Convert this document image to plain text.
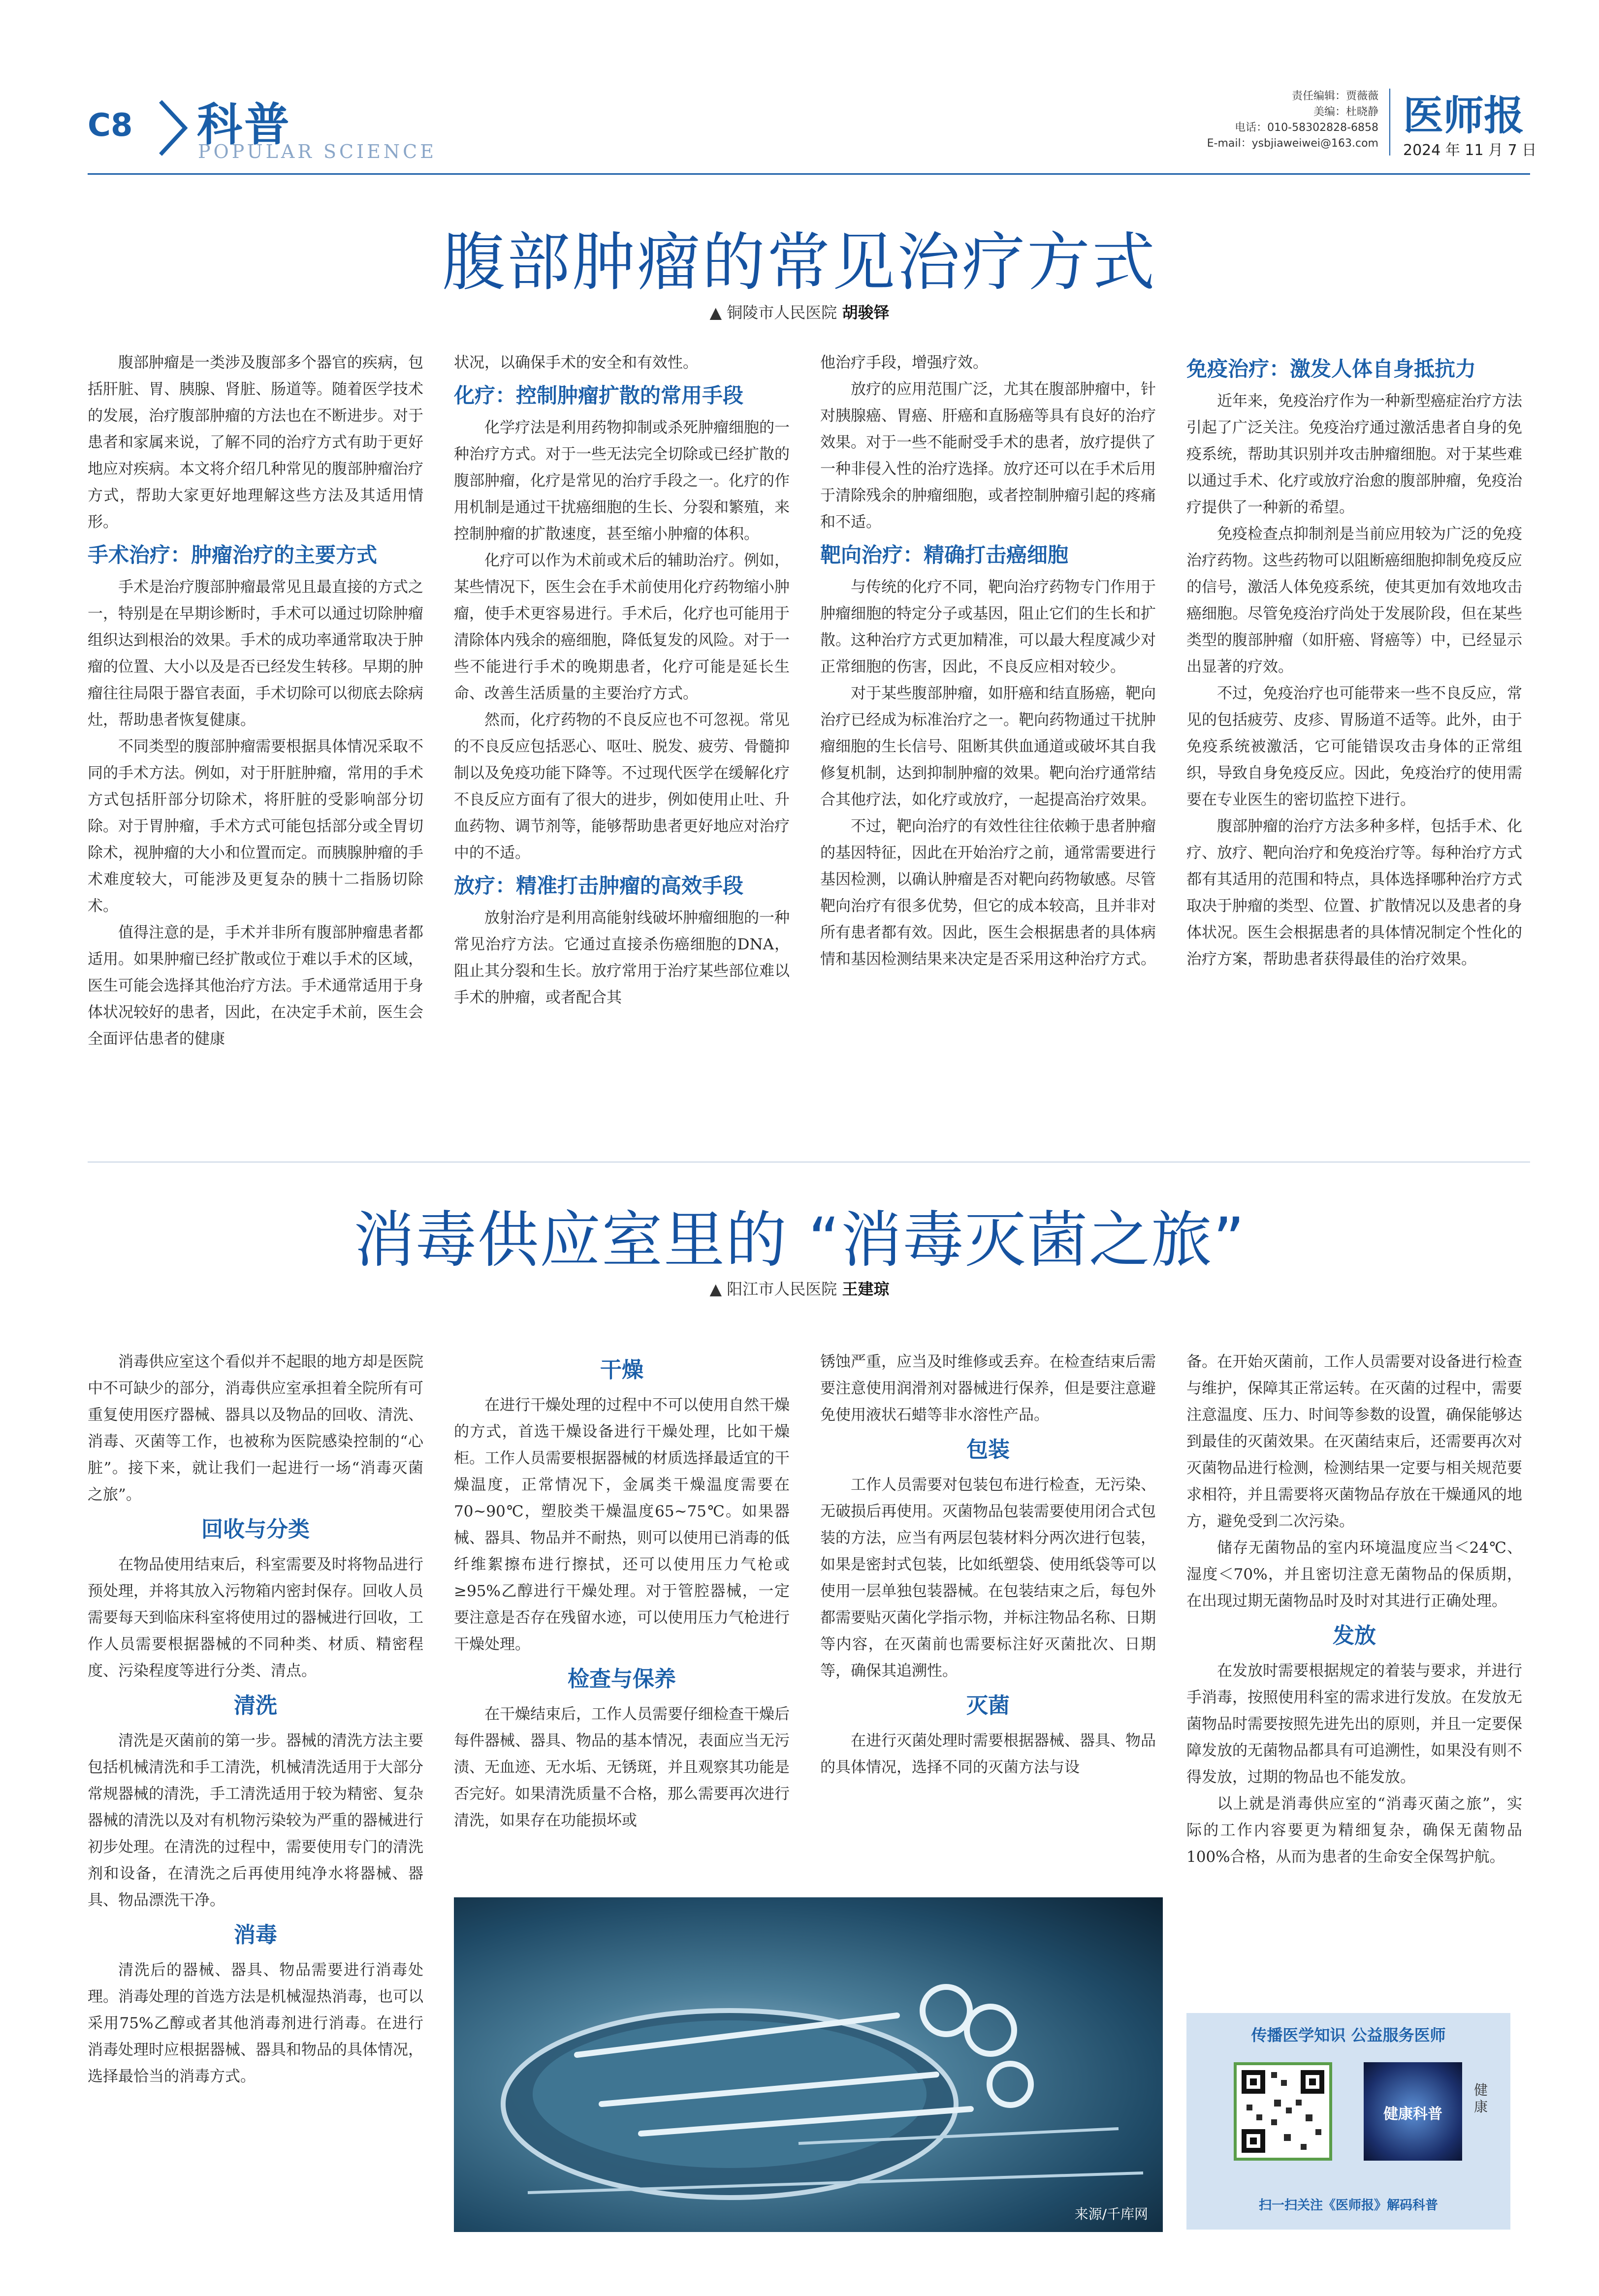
C8 科普
POPULAR SCIENCE
责任编辑：贾薇薇
美编：杜晓静
电话：010-58302828-6858
E-mail：ysbjiaweiwei@163.com
医师报
2024 年 11 月 7 日
腹部肿瘤的常见治疗方式
▲ 铜陵市人民医院 胡骏铎
腹部肿瘤是一类涉及腹部多个器官的疾病，包括肝脏、胃、胰腺、肾脏、肠道等。随着医学技术的发展，治疗腹部肿瘤的方法也在不断进步。对于患者和家属来说，了解不同的治疗方式有助于更好地应对疾病。本文将介绍几种常见的腹部肿瘤治疗方式，帮助大家更好地理解这些方法及其适用情形。
手术治疗：肿瘤治疗的主要方式
手术是治疗腹部肿瘤最常见且最直接的方式之一，特别是在早期诊断时，手术可以通过切除肿瘤组织达到根治的效果。手术的成功率通常取决于肿瘤的位置、大小以及是否已经发生转移。早期的肿瘤往往局限于器官表面，手术切除可以彻底去除病灶，帮助患者恢复健康。
不同类型的腹部肿瘤需要根据具体情况采取不同的手术方法。例如，对于肝脏肿瘤，常用的手术方式包括肝部分切除术，将肝脏的受影响部分切除。对于胃肿瘤，手术方式可能包括部分或全胃切除术，视肿瘤的大小和位置而定。而胰腺肿瘤的手术难度较大，可能涉及更复杂的胰十二指肠切除术。
值得注意的是，手术并非所有腹部肿瘤患者都适用。如果肿瘤已经扩散或位于难以手术的区域，医生可能会选择其他治疗方法。手术通常适用于身体状况较好的患者，因此，在决定手术前，医生会全面评估患者的健康
状况，以确保手术的安全和有效性。
化疗：控制肿瘤扩散的常用手段
化学疗法是利用药物抑制或杀死肿瘤细胞的一种治疗方式。对于一些无法完全切除或已经扩散的腹部肿瘤，化疗是常见的治疗手段之一。化疗的作用机制是通过干扰癌细胞的生长、分裂和繁殖，来控制肿瘤的扩散速度，甚至缩小肿瘤的体积。
化疗可以作为术前或术后的辅助治疗。例如，某些情况下，医生会在手术前使用化疗药物缩小肿瘤，使手术更容易进行。手术后，化疗也可能用于清除体内残余的癌细胞，降低复发的风险。对于一些不能进行手术的晚期患者，化疗可能是延长生命、改善生活质量的主要治疗方式。
然而，化疗药物的不良反应也不可忽视。常见的不良反应包括恶心、呕吐、脱发、疲劳、骨髓抑制以及免疫功能下降等。不过现代医学在缓解化疗不良反应方面有了很大的进步，例如使用止吐、升血药物、调节剂等，能够帮助患者更好地应对治疗中的不适。
放疗：精准打击肿瘤的高效手段
放射治疗是利用高能射线破坏肿瘤细胞的一种常见治疗方法。它通过直接杀伤癌细胞的DNA，阻止其分裂和生长。放疗常用于治疗某些部位难以手术的肿瘤，或者配合其
他治疗手段，增强疗效。
放疗的应用范围广泛，尤其在腹部肿瘤中，针对胰腺癌、胃癌、肝癌和直肠癌等具有良好的治疗效果。对于一些不能耐受手术的患者，放疗提供了一种非侵入性的治疗选择。放疗还可以在手术后用于清除残余的肿瘤细胞，或者控制肿瘤引起的疼痛和不适。
靶向治疗：精确打击癌细胞
与传统的化疗不同，靶向治疗药物专门作用于肿瘤细胞的特定分子或基因，阻止它们的生长和扩散。这种治疗方式更加精准，可以最大程度减少对正常细胞的伤害，因此，不良反应相对较少。
对于某些腹部肿瘤，如肝癌和结直肠癌，靶向治疗已经成为标准治疗之一。靶向药物通过干扰肿瘤细胞的生长信号、阻断其供血通道或破坏其自我修复机制，达到抑制肿瘤的效果。靶向治疗通常结合其他疗法，如化疗或放疗，一起提高治疗效果。
不过，靶向治疗的有效性往往依赖于患者肿瘤的基因特征，因此在开始治疗之前，通常需要进行基因检测，以确认肿瘤是否对靶向药物敏感。尽管靶向治疗有很多优势，但它的成本较高，且并非对所有患者都有效。因此，医生会根据患者的具体病情和基因检测结果来决定是否采用这种治疗方式。
免疫治疗：激发人体自身抵抗力
近年来，免疫治疗作为一种新型癌症治疗方法引起了广泛关注。免疫治疗通过激活患者自身的免疫系统，帮助其识别并攻击肿瘤细胞。对于某些难以通过手术、化疗或放疗治愈的腹部肿瘤，免疫治疗提供了一种新的希望。
免疫检查点抑制剂是当前应用较为广泛的免疫治疗药物。这些药物可以阻断癌细胞抑制免疫反应的信号，激活人体免疫系统，使其更加有效地攻击癌细胞。尽管免疫治疗尚处于发展阶段，但在某些类型的腹部肿瘤（如肝癌、肾癌等）中，已经显示出显著的疗效。
不过，免疫治疗也可能带来一些不良反应，常见的包括疲劳、皮疹、胃肠道不适等。此外，由于免疫系统被激活，它可能错误攻击身体的正常组织，导致自身免疫反应。因此，免疫治疗的使用需要在专业医生的密切监控下进行。
腹部肿瘤的治疗方法多种多样，包括手术、化疗、放疗、靶向治疗和免疫治疗等。每种治疗方式都有其适用的范围和特点，具体选择哪种治疗方式取决于肿瘤的类型、位置、扩散情况以及患者的身体状况。医生会根据患者的具体情况制定个性化的治疗方案，帮助患者获得最佳的治疗效果。
消毒供应室里的 “消毒灭菌之旅”
▲ 阳江市人民医院 王建琼
消毒供应室这个看似并不起眼的地方却是医院中不可缺少的部分，消毒供应室承担着全院所有可重复使用医疗器械、器具以及物品的回收、清洗、消毒、灭菌等工作，也被称为医院感染控制的“心脏”。接下来，就让我们一起进行一场“消毒灭菌之旅”。
回收与分类
在物品使用结束后，科室需要及时将物品进行预处理，并将其放入污物箱内密封保存。回收人员需要每天到临床科室将使用过的器械进行回收，工作人员需要根据器械的不同种类、材质、精密程度、污染程度等进行分类、清点。
清洗
清洗是灭菌前的第一步。器械的清洗方法主要包括机械清洗和手工清洗，机械清洗适用于大部分常规器械的清洗，手工清洗适用于较为精密、复杂器械的清洗以及对有机物污染较为严重的器械进行初步处理。在清洗的过程中，需要使用专门的清洗剂和设备，在清洗之后再使用纯净水将器械、器具、物品漂洗干净。
消毒
清洗后的器械、器具、物品需要进行消毒处理。消毒处理的首选方法是机械湿热消毒，也可以采用75%乙醇或者其他消毒剂进行消毒。在进行消毒处理时应根据器械、器具和物品的具体情况，选择最恰当的消毒方式。
干燥
在进行干燥处理的过程中不可以使用自然干燥的方式，首选干燥设备进行干燥处理，比如干燥柜。工作人员需要根据器械的材质选择最适宜的干燥温度，正常情况下，金属类干燥温度需要在70~90℃，塑胶类干燥温度65~75℃。如果器械、器具、物品并不耐热，则可以使用已消毒的低纤维絮擦布进行擦拭，还可以使用压力气枪或≥95%乙醇进行干燥处理。对于管腔器械，一定要注意是否存在残留水迹，可以使用压力气枪进行干燥处理。
检查与保养
在干燥结束后，工作人员需要仔细检查干燥后每件器械、器具、物品的基本情况，表面应当无污渍、无血迹、无水垢、无锈斑，并且观察其功能是否完好。如果清洗质量不合格，那么需要再次进行清洗，如果存在功能损坏或
锈蚀严重，应当及时维修或丢弃。在检查结束后需要注意使用润滑剂对器械进行保养，但是要注意避免使用液状石蜡等非水溶性产品。
包装
工作人员需要对包装包布进行检查，无污染、无破损后再使用。灭菌物品包装需要使用闭合式包装的方法，应当有两层包装材料分两次进行包装，如果是密封式包装，比如纸塑袋、使用纸袋等可以使用一层单独包装器械。在包装结束之后，每包外都需要贴灭菌化学指示物，并标注物品名称、日期等内容，在灭菌前也需要标注好灭菌批次、日期等，确保其追溯性。
灭菌
在进行灭菌处理时需要根据器械、器具、物品的具体情况，选择不同的灭菌方法与设
备。在开始灭菌前，工作人员需要对设备进行检查与维护，保障其正常运转。在灭菌的过程中，需要注意温度、压力、时间等参数的设置，确保能够达到最佳的灭菌效果。在灭菌结束后，还需要再次对灭菌物品进行检测，检测结果一定要与相关规范要求相符，并且需要将灭菌物品存放在干燥通风的地方，避免受到二次污染。
储存无菌物品的室内环境温度应当＜24℃、湿度＜70%，并且密切注意无菌物品的保质期，在出现过期无菌物品时及时对其进行正确处理。
发放
在发放时需要根据规定的着装与要求，并进行手消毒，按照使用科室的需求进行发放。在发放无菌物品时需要按照先进先出的原则，并且一定要保障发放的无菌物品都具有可追溯性，如果没有则不得发放，过期的物品也不能发放。
以上就是消毒供应室的“消毒灭菌之旅”，实际的工作内容要更为精细复杂，确保无菌物品100%合格，从而为患者的生命安全保驾护航。
来源/千库网
传播医学知识 公益服务医师
健康科普
健康
扫一扫关注《医师报》解码科普
